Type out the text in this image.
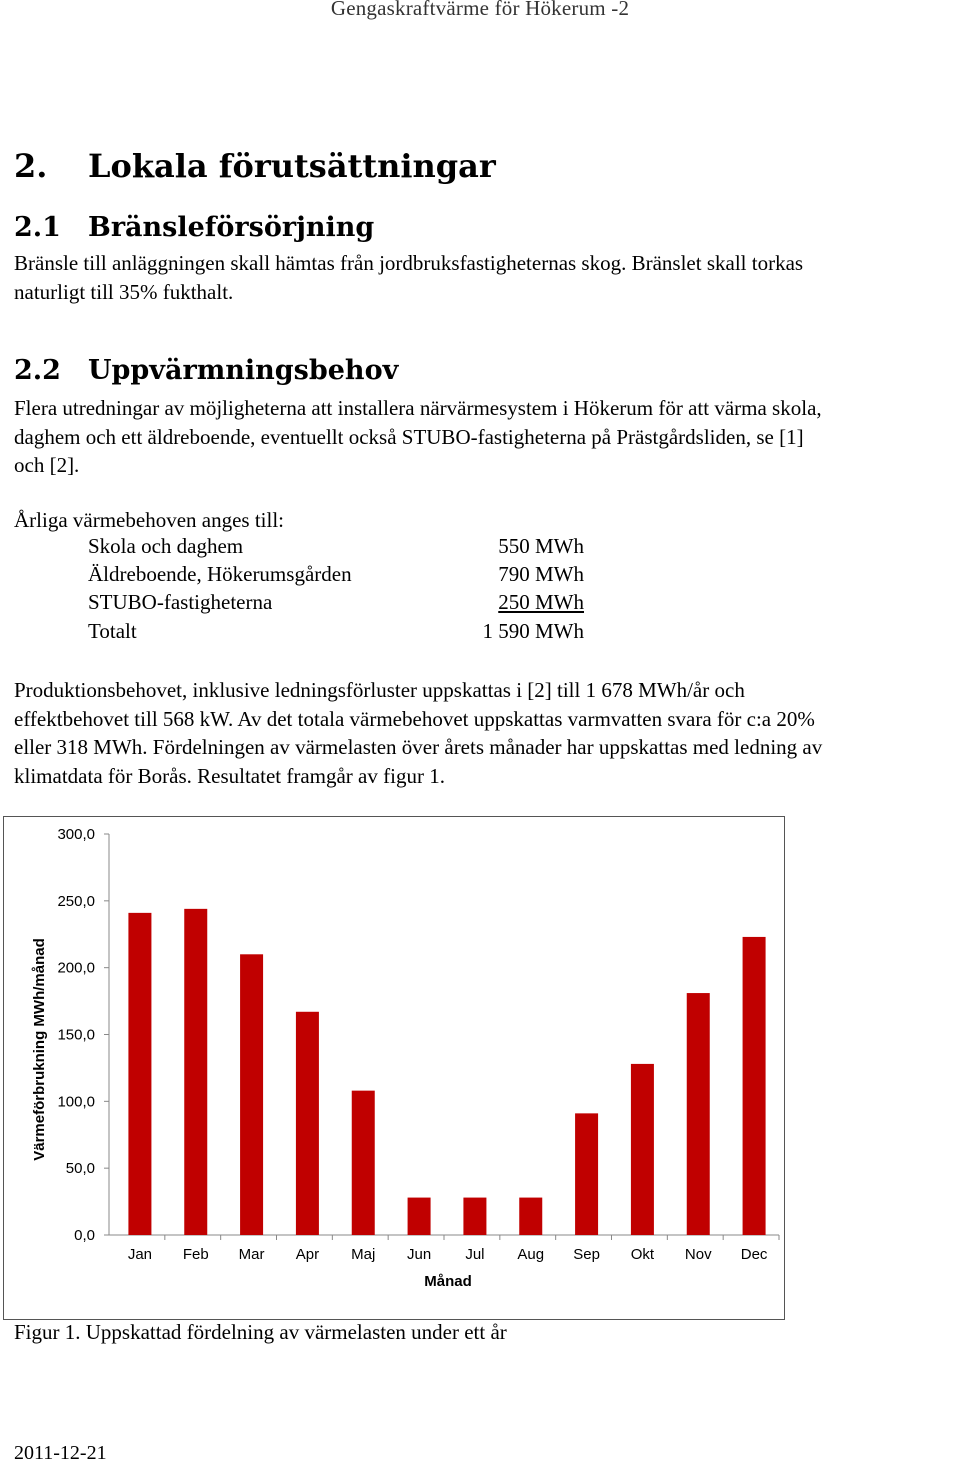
Gengaskraftvärme för Hökerum -2
2. Lokala förutsättningar
2.1 Bränsleförsörjning

Bränsle till anläggningen skall hämtas från jordbruksfastigheternas skog. Bränslet skall torkas

naturligt till 35% fukthalt.

2.2 Uppvärmningsbehov

Flera utredningar av möjligheterna att installera närvärmesystem i Hökerum för att värma skola,

daghem och ett äldreboende, eventuellt också STUBO-fastigheterna på Prästgårdsliden, se [1]

och [2].

Årliga värmebehoven anges till:
Skola och daghem	550 MWh
Äldreboende, Hökerumsgården	790 MWh
STUBO-fastigheterna	250 MWh
Totalt	1 590 MWh

Produktionsbehovet, inklusive ledningsförluster uppskattas i [2] till 1 678 MWh/år och

effektbehovet till 568 kW. Av det totala värmebehovet uppskattas varmvatten svara för c:a 20%

eller 318 MWh. Fördelningen av värmelasten över årets månader har uppskattas med ledning av

klimatdata för Borås. Resultatet framgår av figur 1.

0,0
50,0
100,0
150,0
200,0
250,0
300,0
Jan Feb Mar Apr Maj Jun Jul Aug Sep Okt Nov Dec
Månad
Värmeförbrukning MWh/månad
Figur 1. Uppskattad fördelning av värmelasten under ett år
2011-12-21
